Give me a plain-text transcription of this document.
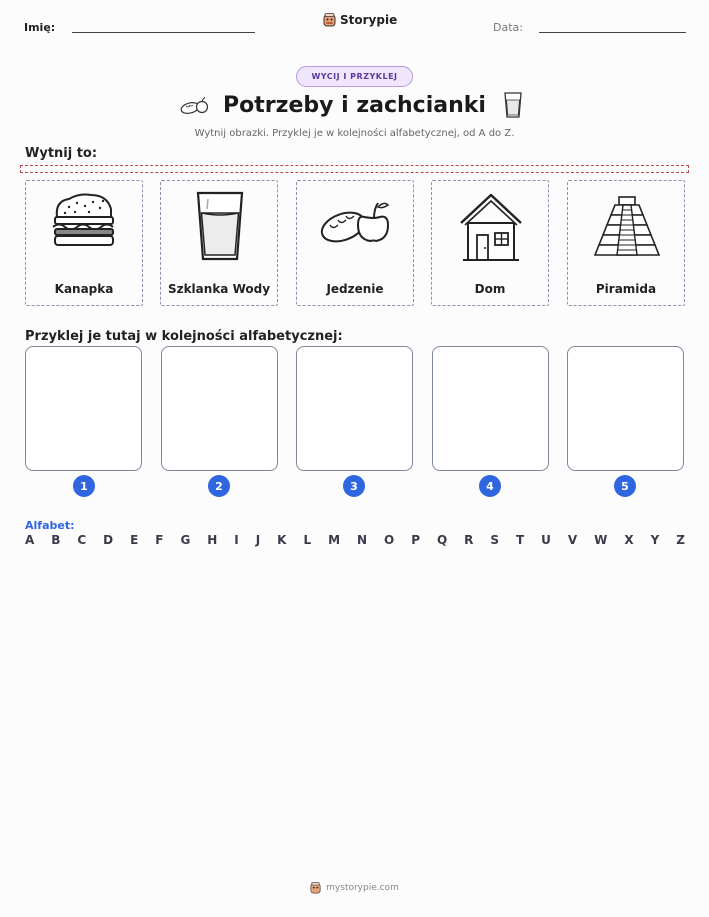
Imię:
Storypie
Data:
WYCIJ I PRZYKLEJ
Potrzeby i zachcianki
Wytnij obrazki. Przyklej je w kolejności alfabetycznej, od A do Z.
Wytnij to:
Kanapka	Szklanka Wody	Jedzenie	Dom	Piramida
Przyklej je tutaj w kolejności alfabetycznej:
1	2	3	4	5
Alfabet:
A B C D E F G H I J K L M N O P Q R S T U V W X Y Z
mystorypie.com
